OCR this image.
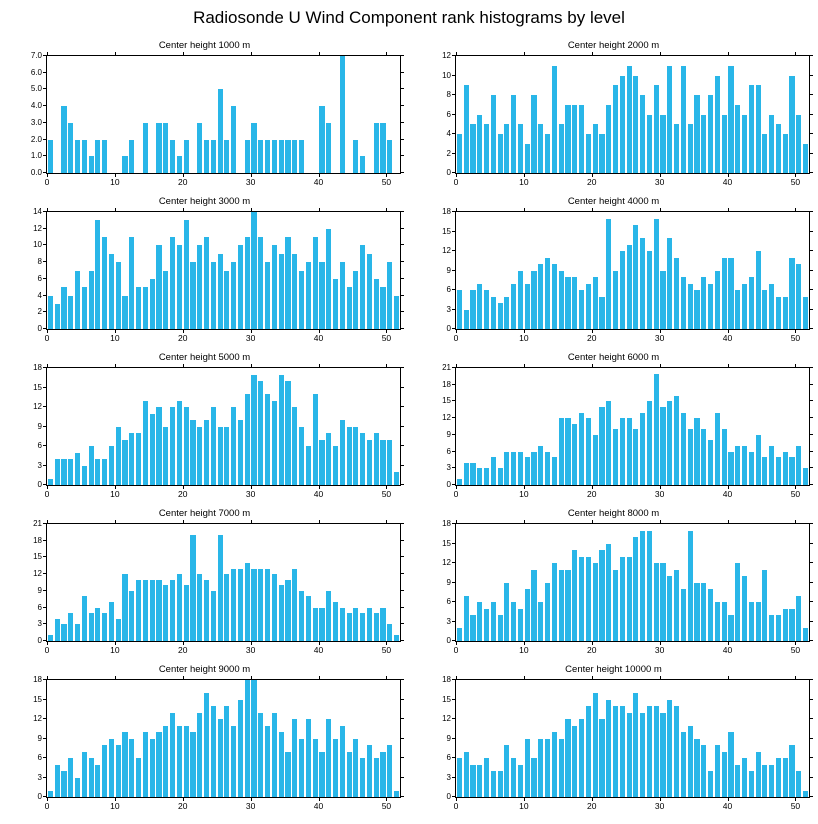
Radiosonde U Wind Component rank histograms by level
Center height 1000 m
0.0
1.0
2.0
3.0
4.0
5.0
6.0
7.0
0	10	20	30	40	50
Center height 2000 m
0
2
4
6
8
10
12
0	10	20	30	40	50
Center height 3000 m
0
2
4
6
8
10
12
14
0	10	20	30	40	50
Center height 4000 m
0
3
6
9
12
15
18
0	10	20	30	40	50
Center height 5000 m
0
3
6
9
12
15
18
0	10	20	30	40	50
Center height 6000 m
0
3
6
9
12
15
18
21
0	10	20	30	40	50
Center height 7000 m
0
3
6
9
12
15
18
21
0	10	20	30	40	50
Center height 8000 m
0
3
6
9
12
15
18
0	10	20	30	40	50
Center height 9000 m
0
3
6
9
12
15
18
0	10	20	30	40	50
Center height 10000 m
0
3
6
9
12
15
18
0	10	20	30	40	50
